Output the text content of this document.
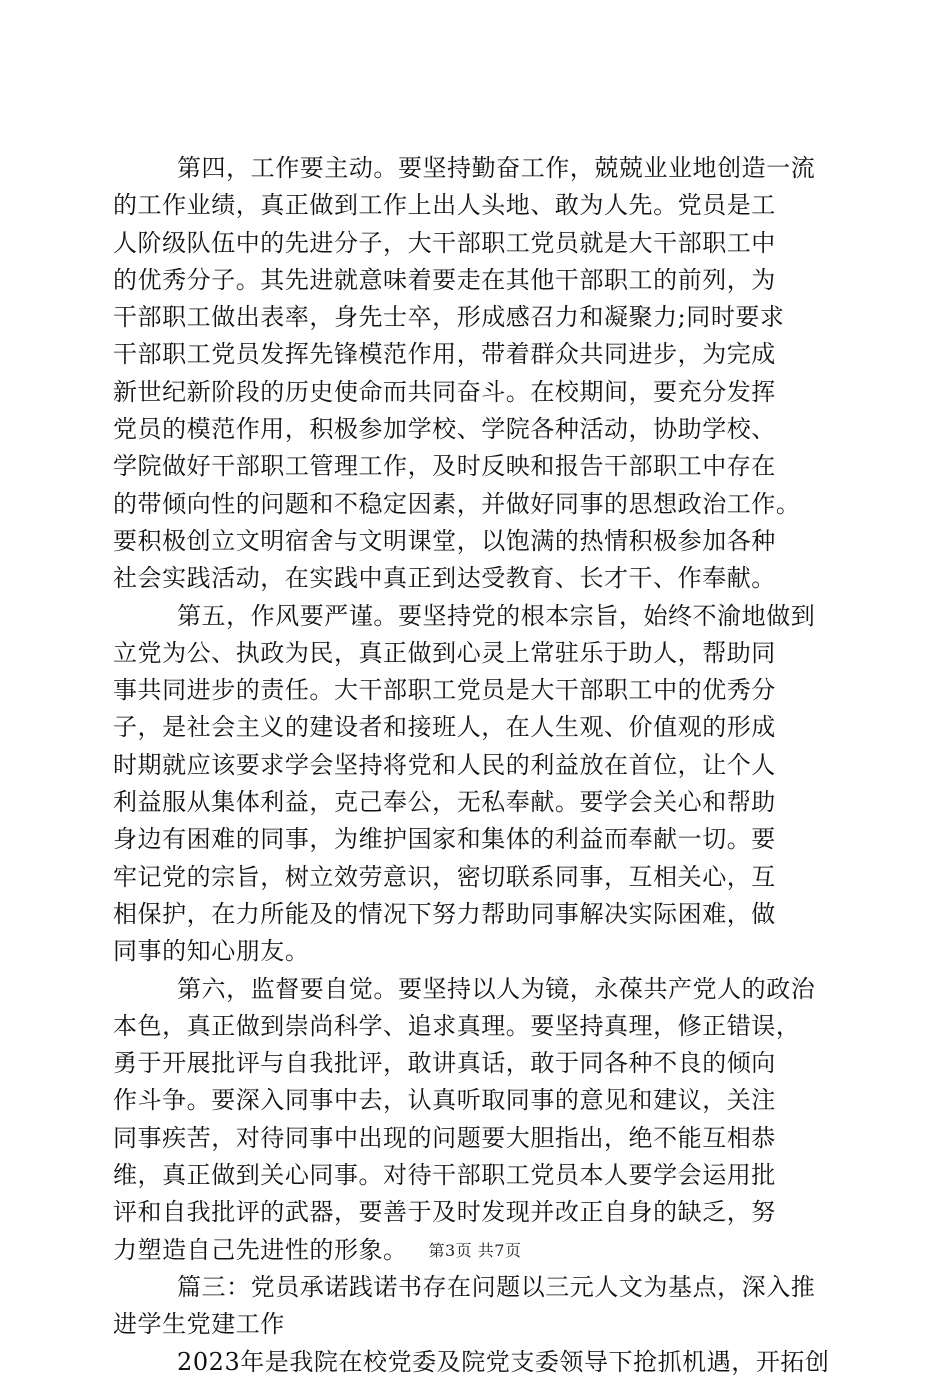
第四，工作要主动。要坚持勤奋工作，兢兢业业地创造一流
的工作业绩，真正做到工作上出人头地、敢为人先。党员是工
人阶级队伍中的先进分子，大干部职工党员就是大干部职工中
的优秀分子。其先进就意味着要走在其他干部职工的前列，为
干部职工做出表率，身先士卒，形成感召力和凝聚力;同时要求
干部职工党员发挥先锋模范作用，带着群众共同进步，为完成
新世纪新阶段的历史使命而共同奋斗。在校期间，要充分发挥
党员的模范作用，积极参加学校、学院各种活动，协助学校、
学院做好干部职工管理工作，及时反映和报告干部职工中存在
的带倾向性的问题和不稳定因素，并做好同事的思想政治工作。
要积极创立文明宿舍与文明课堂，以饱满的热情积极参加各种
社会实践活动，在实践中真正到达受教育、长才干、作奉献。
第五，作风要严谨。要坚持党的根本宗旨，始终不渝地做到
立党为公、执政为民，真正做到心灵上常驻乐于助人，帮助同
事共同进步的责任。大干部职工党员是大干部职工中的优秀分
子，是社会主义的建设者和接班人，在人生观、价值观的形成
时期就应该要求学会坚持将党和人民的利益放在首位，让个人
利益服从集体利益，克己奉公，无私奉献。要学会关心和帮助
身边有困难的同事，为维护国家和集体的利益而奉献一切。要
牢记党的宗旨，树立效劳意识，密切联系同事，互相关心，互
相保护，在力所能及的情况下努力帮助同事解决实际困难，做
同事的知心朋友。
第六，监督要自觉。要坚持以人为镜，永葆共产党人的政治
本色，真正做到崇尚科学、追求真理。要坚持真理，修正错误，
勇于开展批评与自我批评，敢讲真话，敢于同各种不良的倾向
作斗争。要深入同事中去，认真听取同事的意见和建议，关注
同事疾苦，对待同事中出现的问题要大胆指出，绝不能互相恭
维，真正做到关心同事。对待干部职工党员本人要学会运用批
评和自我批评的武器，要善于及时发现并改正自身的缺乏，努
力塑造自己先进性的形象。
篇三：党员承诺践诺书存在问题以三元人文为基点，深入推
进学生党建工作
2023年是我院在校党委及院党支委领导下抢抓机遇，开拓创
第3页 共7页
